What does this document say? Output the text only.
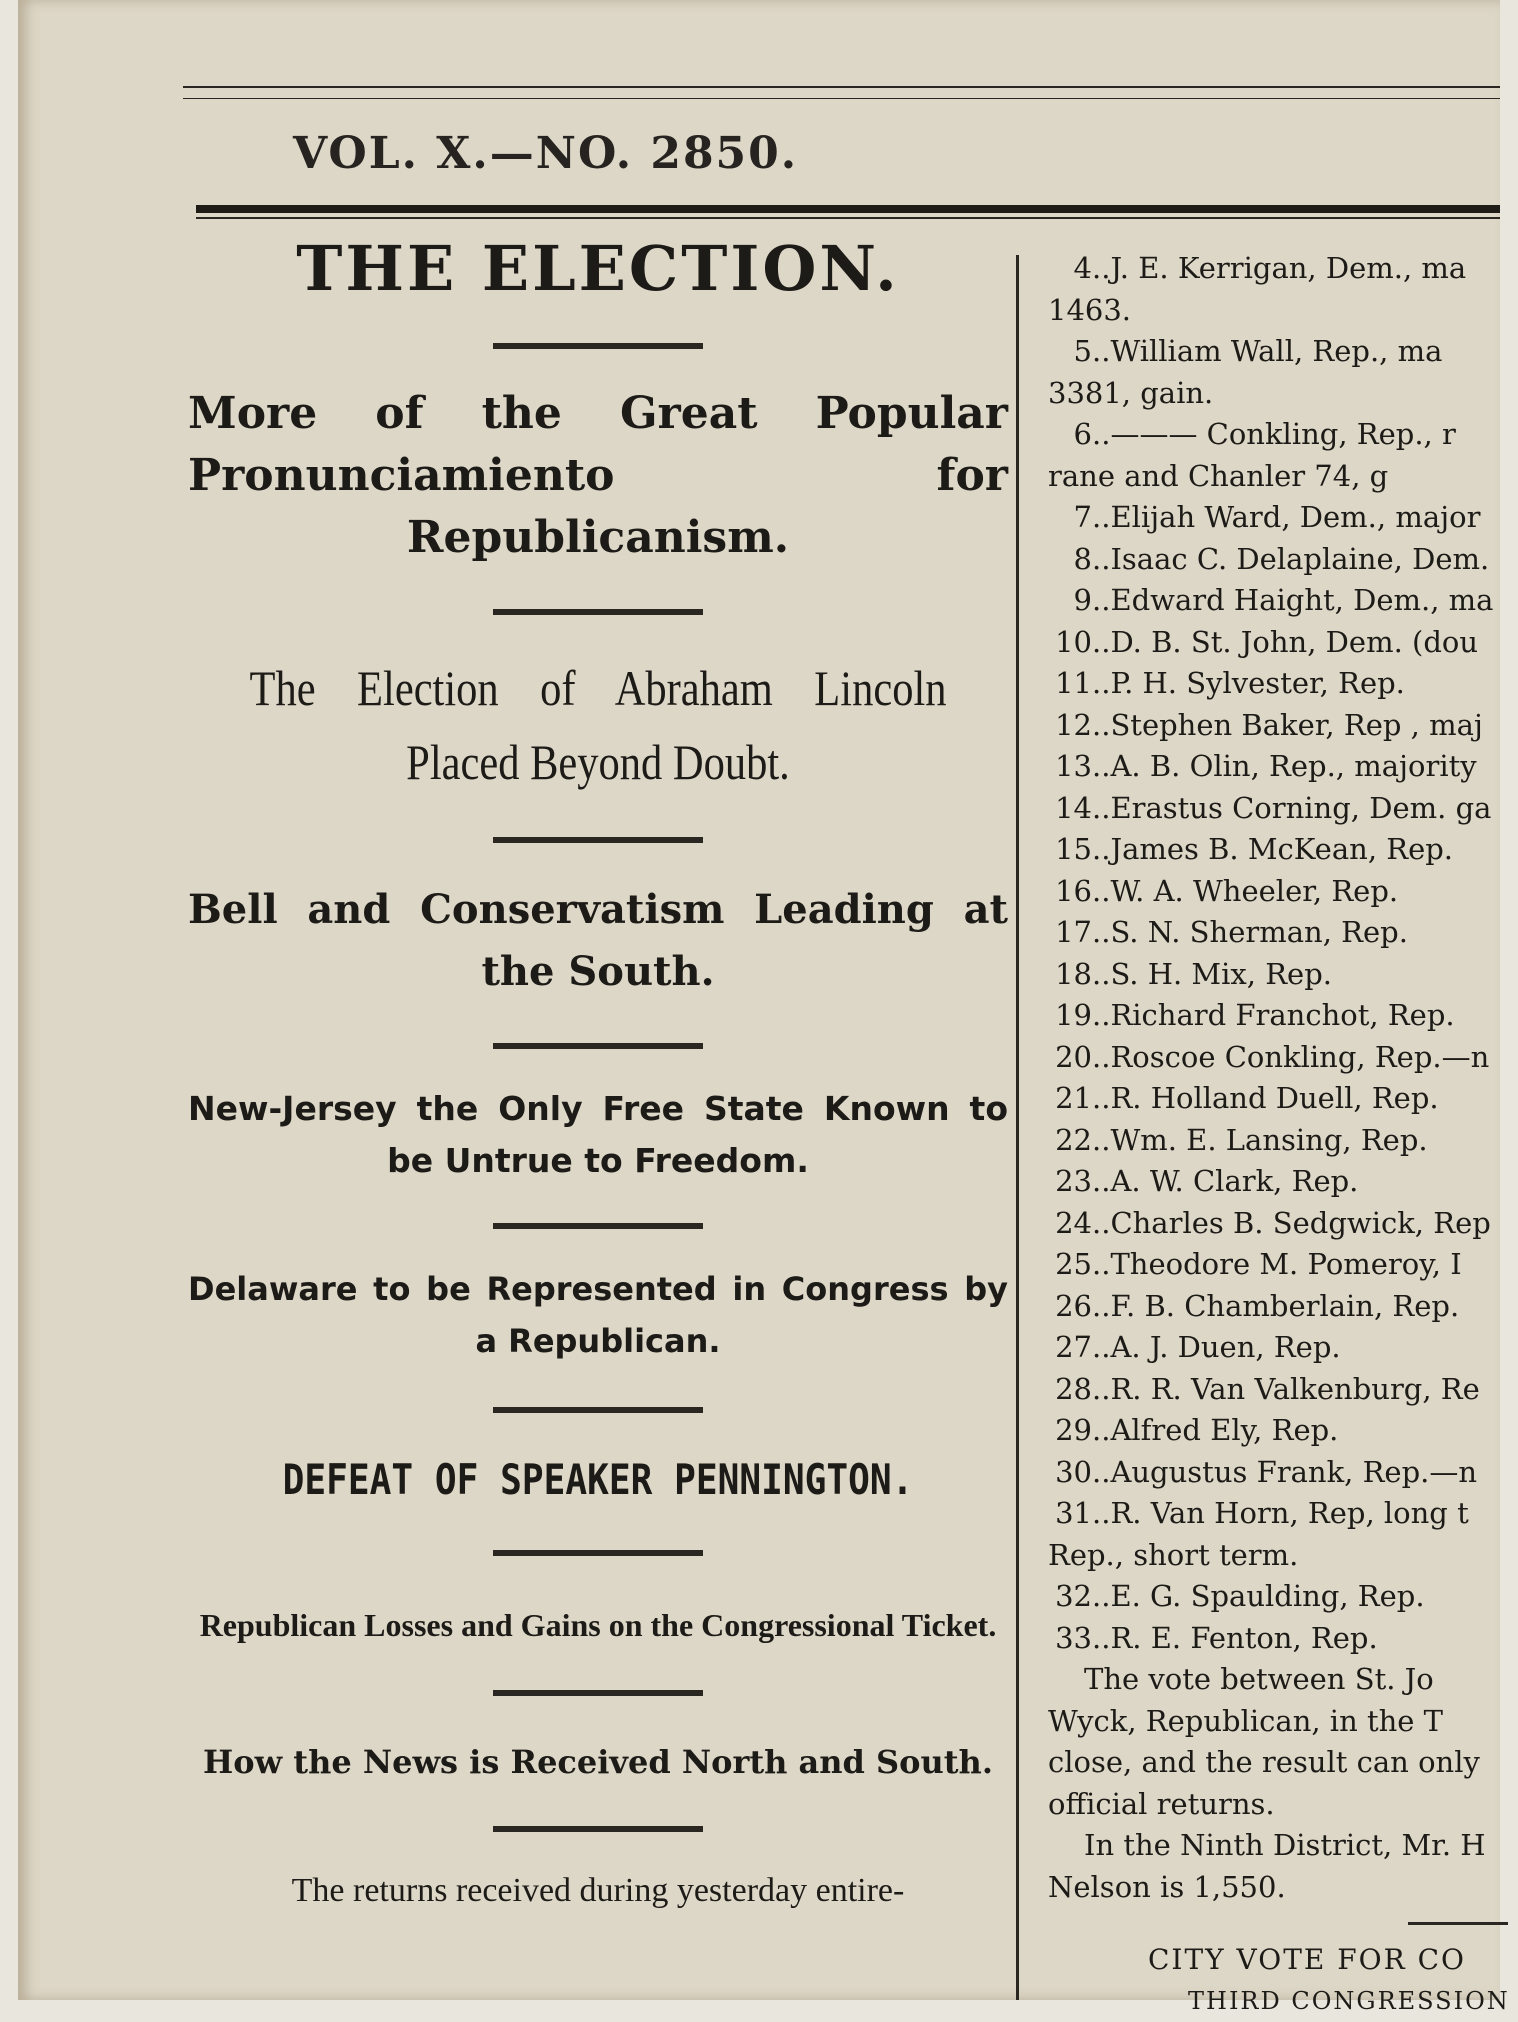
VOL. X.—NO. 2850.
THE ELECTION.

More of the Great Popular Pronunciamiento for Republicanism.

The Election of Abraham Lincoln Placed Beyond Doubt.

Bell and Conservatism Leading at the South.

New-Jersey the Only Free State Known to be Untrue to Freedom.

Delaware to be Represented in Congress by a Republican.

DEFEAT OF SPEAKER PENNINGTON.

Republican Losses and Gains on the Congressional Ticket.

How the News is Received North and South.

The returns received during yesterday entire-

4..J. E. Kerrigan, Dem., ma
1463.
5..William Wall, Rep., ma
3381, gain.
6..——— Conkling, Rep., r
rane and Chanler 74, g
7..Elijah Ward, Dem., major
8..Isaac C. Delaplaine, Dem.
9..Edward Haight, Dem., ma
10..D. B. St. John, Dem. (dou
11..P. H. Sylvester, Rep.
12..Stephen Baker, Rep , maj
13..A. B. Olin, Rep., majority
14..Erastus Corning, Dem. ga
15..James B. McKean, Rep.
16..W. A. Wheeler, Rep.
17..S. N. Sherman, Rep.
18..S. H. Mix, Rep.
19..Richard Franchot, Rep.
20..Roscoe Conkling, Rep.—n
21..R. Holland Duell, Rep.
22..Wm. E. Lansing, Rep.
23..A. W. Clark, Rep.
24..Charles B. Sedgwick, Rep
25..Theodore M. Pomeroy, I
26..F. B. Chamberlain, Rep.
27..A. J. Duen, Rep.
28..R. R. Van Valkenburg, Re
29..Alfred Ely, Rep.
30..Augustus Frank, Rep.—n
31..R. Van Horn, Rep, long t
Rep., short term.
32..E. G. Spaulding, Rep.
33..R. E. Fenton, Rep.
The vote between St. Jo
Wyck, Republican, in the T
close, and the result can only
official returns.
In the Ninth District, Mr. H
Nelson is 1,550.
CITY VOTE FOR CO
THIRD CONGRESSION
